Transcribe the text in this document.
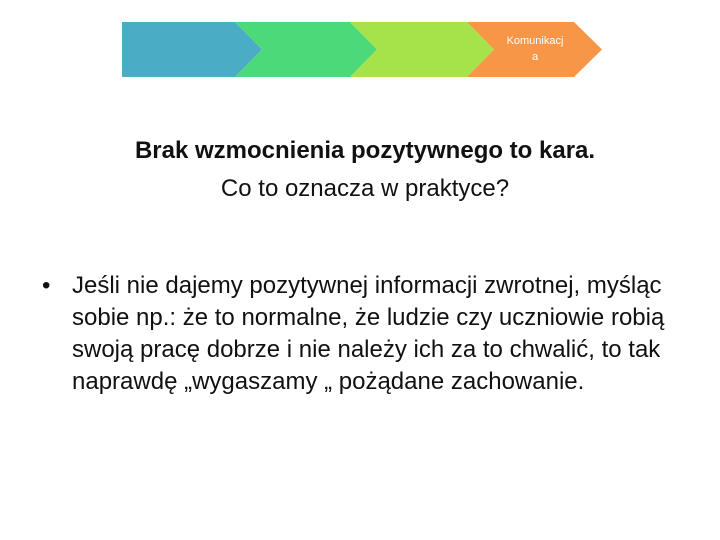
Komunikacj
a
Brak wzmocnienia pozytywnego to kara.
Co to oznacza w praktyce?
• Jeśli nie dajemy pozytywnej informacji zwrotnej, myśląc sobie np.: że to normalne, że ludzie czy uczniowie robią swoją pracę dobrze i nie należy ich za to chwalić, to tak naprawdę „wygaszamy „ pożądane zachowanie.
